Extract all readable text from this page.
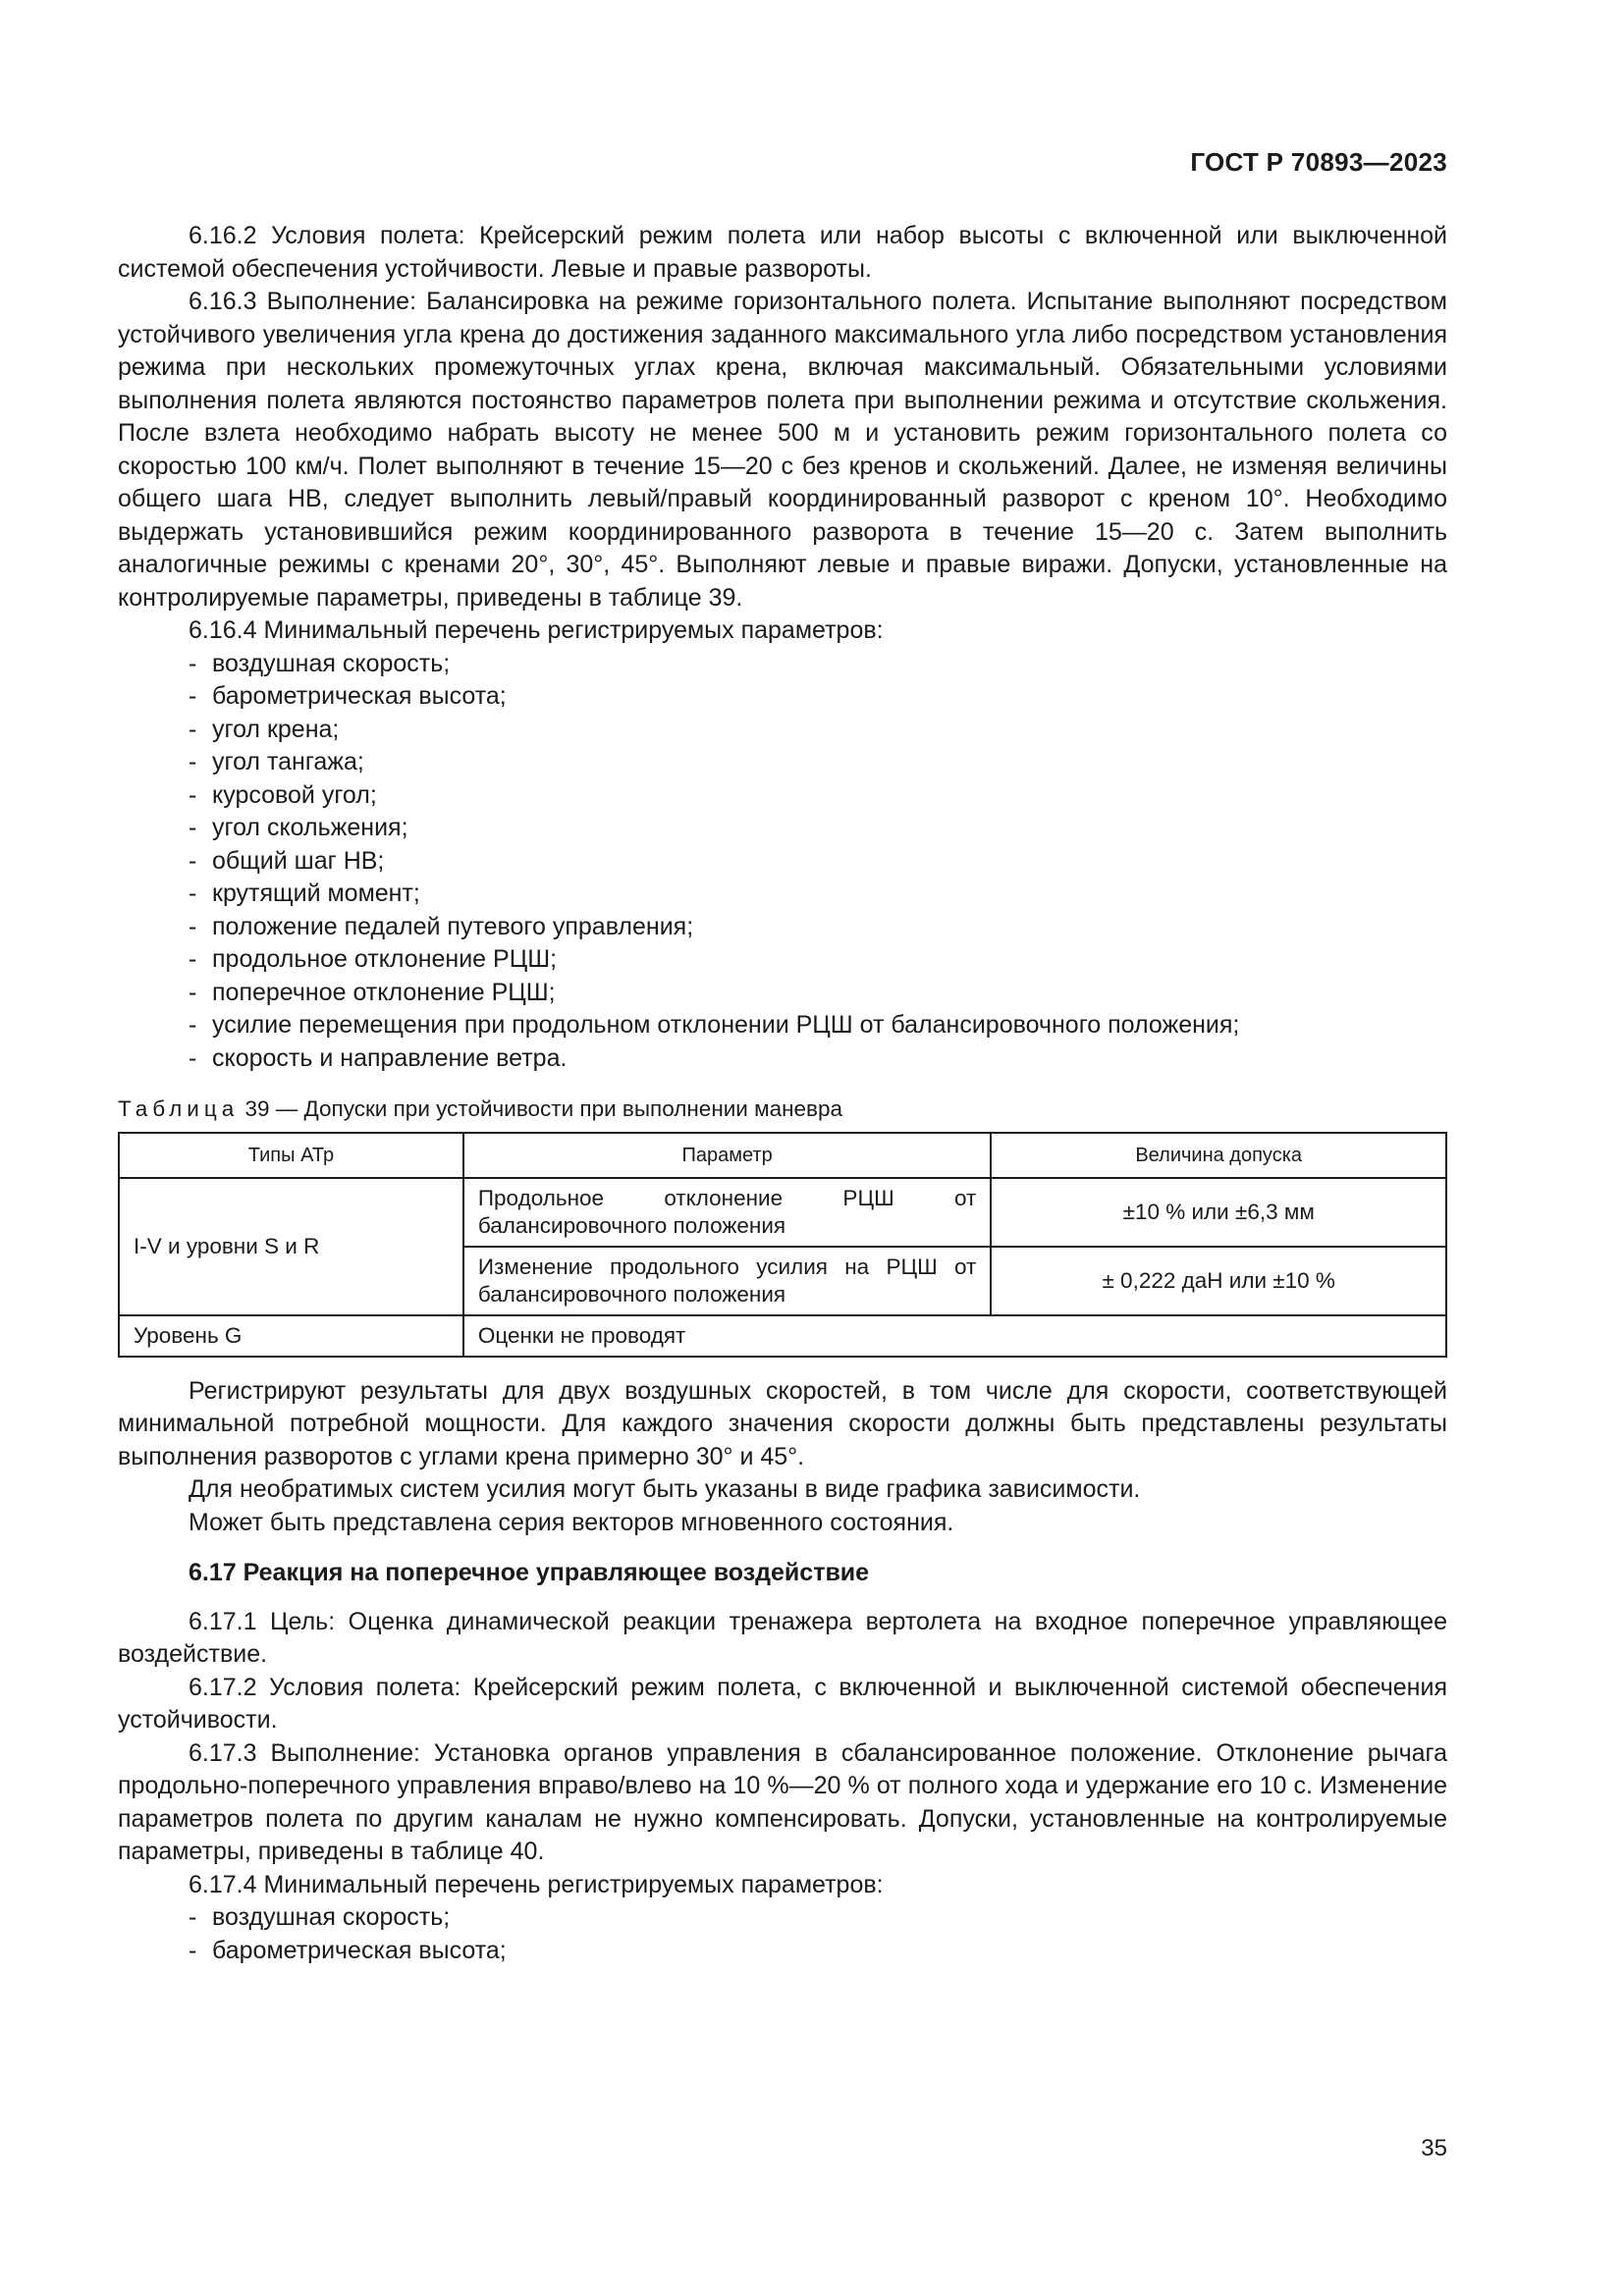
ГОСТ Р 70893—2023

6.16.2 Условия полета: Крейсерский режим полета или набор высоты с включенной или выключенной системой обеспечения устойчивости. Левые и правые развороты.

6.16.3 Выполнение: Балансировка на режиме горизонтального полета. Испытание выполняют посредством устойчивого увеличения угла крена до достижения заданного максимального угла либо посредством установления режима при нескольких промежуточных углах крена, включая максимальный. Обязательными условиями выполнения полета являются постоянство параметров полета при выполнении режима и отсутствие скольжения. После взлета необходимо набрать высоту не менее 500 м и установить режим горизонтального полета со скоростью 100 км/ч. Полет выполняют в течение 15—20 с без кренов и скольжений. Далее, не изменяя величины общего шага НВ, следует выполнить левый/правый координированный разворот с креном 10°. Необходимо выдержать установившийся режим координированного разворота в течение 15—20 с. Затем выполнить аналогичные режимы с кренами 20°, 30°, 45°. Выполняют левые и правые виражи. Допуски, установленные на контролируемые параметры, приведены в таблице 39.

6.16.4 Минимальный перечень регистрируемых параметров:

- воздушная скорость;
- барометрическая высота;
- угол крена;
- угол тангажа;
- курсовой угол;
- угол скольжения;
- общий шаг НВ;
- крутящий момент;
- положение педалей путевого управления;
- продольное отклонение РЦШ;
- поперечное отклонение РЦШ;
- усилие перемещения при продольном отклонении РЦШ от балансировочного положения;
- скорость и направление ветра.
Таблица 39 — Допуски при устойчивости при выполнении маневра
Типы АТр	Параметр	Величина допуска
I-V и уровни S и R	Продольное отклонение РЦШ от балансировочного положения	±10 % или ±6,3 мм
	Изменение продольного усилия на РЦШ от балансировочного положения	± 0,222 даН или ±10 %
Уровень G	Оценки не проводят	

Регистрируют результаты для двух воздушных скоростей, в том числе для скорости, соответствующей минимальной потребной мощности. Для каждого значения скорости должны быть представлены результаты выполнения разворотов с углами крена примерно 30° и 45°.

Для необратимых систем усилия могут быть указаны в виде графика зависимости.

Может быть представлена серия векторов мгновенного состояния.

6.17 Реакция на поперечное управляющее воздействие

6.17.1 Цель: Оценка динамической реакции тренажера вертолета на входное поперечное управляющее воздействие.

6.17.2 Условия полета: Крейсерский режим полета, с включенной и выключенной системой обеспечения устойчивости.

6.17.3 Выполнение: Установка органов управления в сбалансированное положение. Отклонение рычага продольно-поперечного управления вправо/влево на 10 %—20 % от полного хода и удержание его 10 с. Изменение параметров полета по другим каналам не нужно компенсировать. Допуски, установленные на контролируемые параметры, приведены в таблице 40.

6.17.4 Минимальный перечень регистрируемых параметров:

- воздушная скорость;
- барометрическая высота;
35
